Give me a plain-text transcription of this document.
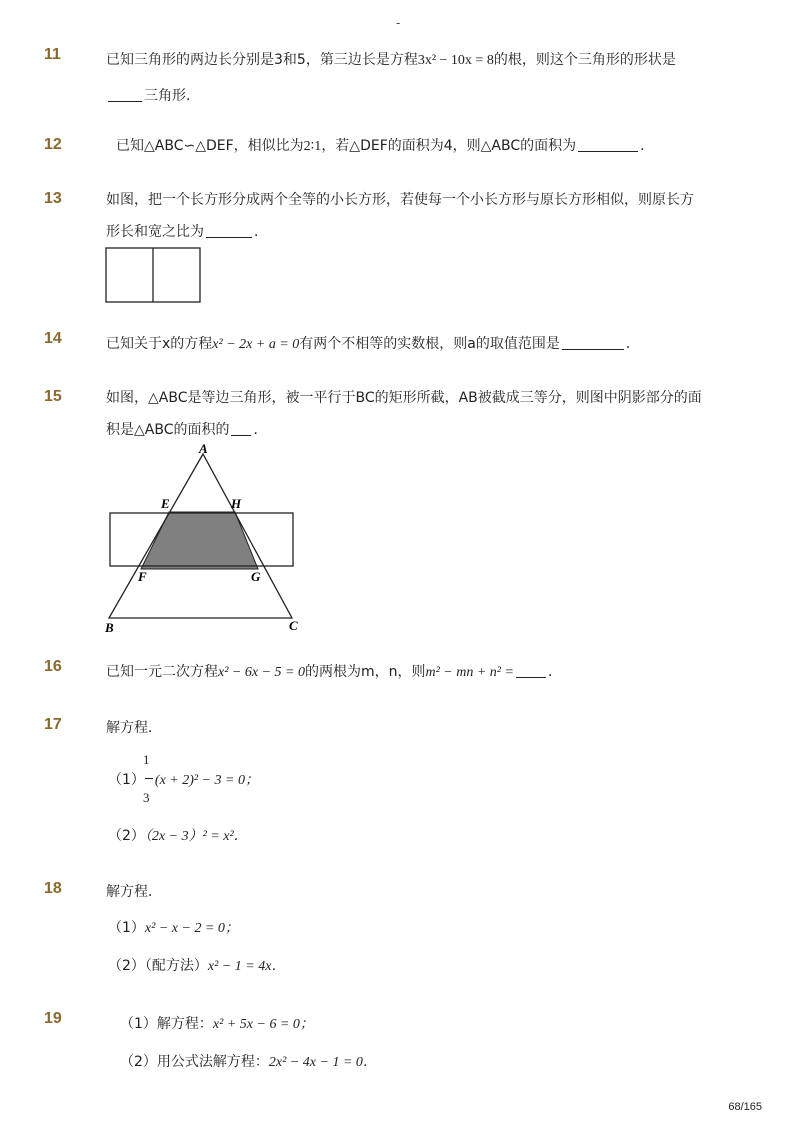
-
11	已知三角形的两边长分别是3和5，第三边长是方程3x² − 10x = 8的根，则这个三角形的形状是
三角形．
12	已知△ABC∽△DEF，相似比为2∶1，若△DEF的面积为4，则△ABC的面积为	．
13	如图，把一个长方形分成两个全等的小长方形，若使每一个小长方形与原长方形相似，则原长方
形长和宽之比为	．
14	已知关于x的方程x² − 2x + a = 0有两个不相等的实数根，则a的取值范围是	．
15	如图，△ABC是等边三角形，被一平行于BC的矩形所截，AB被截成三等分，则图中阴影部分的面
积是△ABC的面积的 ．
A
E	H
F	G
B	C
16	已知一元二次方程x² − 6x − 5 = 0的两根为m，n，则m² − mn + n² = ．
17	解方程．
1
（1） (x + 2)² − 3 = 0；
3
（2）（2x − 3）² = x²．
18	解方程．
（1）x² − x − 2 = 0；
（2）（配方法）x² − 1 = 4x．
19	（1）解方程：x² + 5x − 6 = 0；
（2）用公式法解方程：2x² − 4x − 1 = 0．
68/165
